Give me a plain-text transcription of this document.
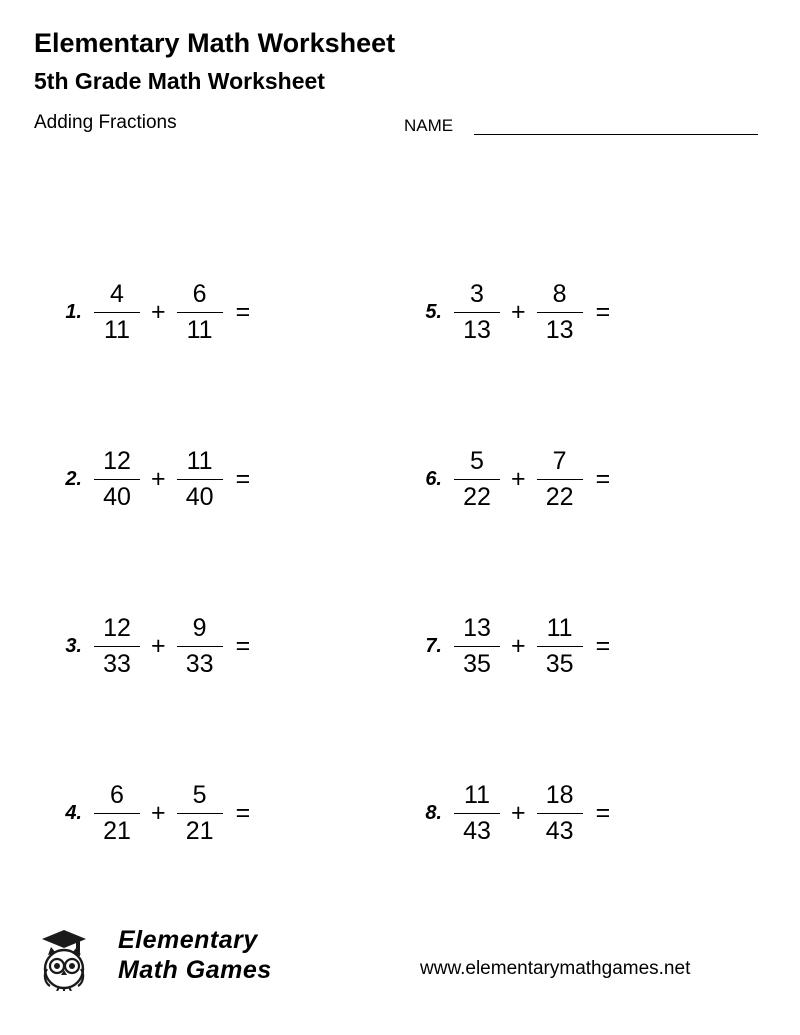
Elementary Math Worksheet
5th Grade Math Worksheet
Adding Fractions	NAME
1. $\frac{4}{11} + \frac{6}{11}$ =	5. $\frac{3}{13} + \frac{8}{13}$ =
2. $\frac{12}{40} + \frac{11}{40}$ =	6. $\frac{5}{22} + \frac{7}{22}$ =
3. $\frac{12}{33} + \frac{9}{33}$ =	7. $\frac{13}{35} + \frac{11}{35}$ =
4. $\frac{6}{21} + \frac{5}{21}$ =	8. $\frac{11}{43} + \frac{18}{43}$ =
Elementary
Math Games	www.elementarymathgames.net
